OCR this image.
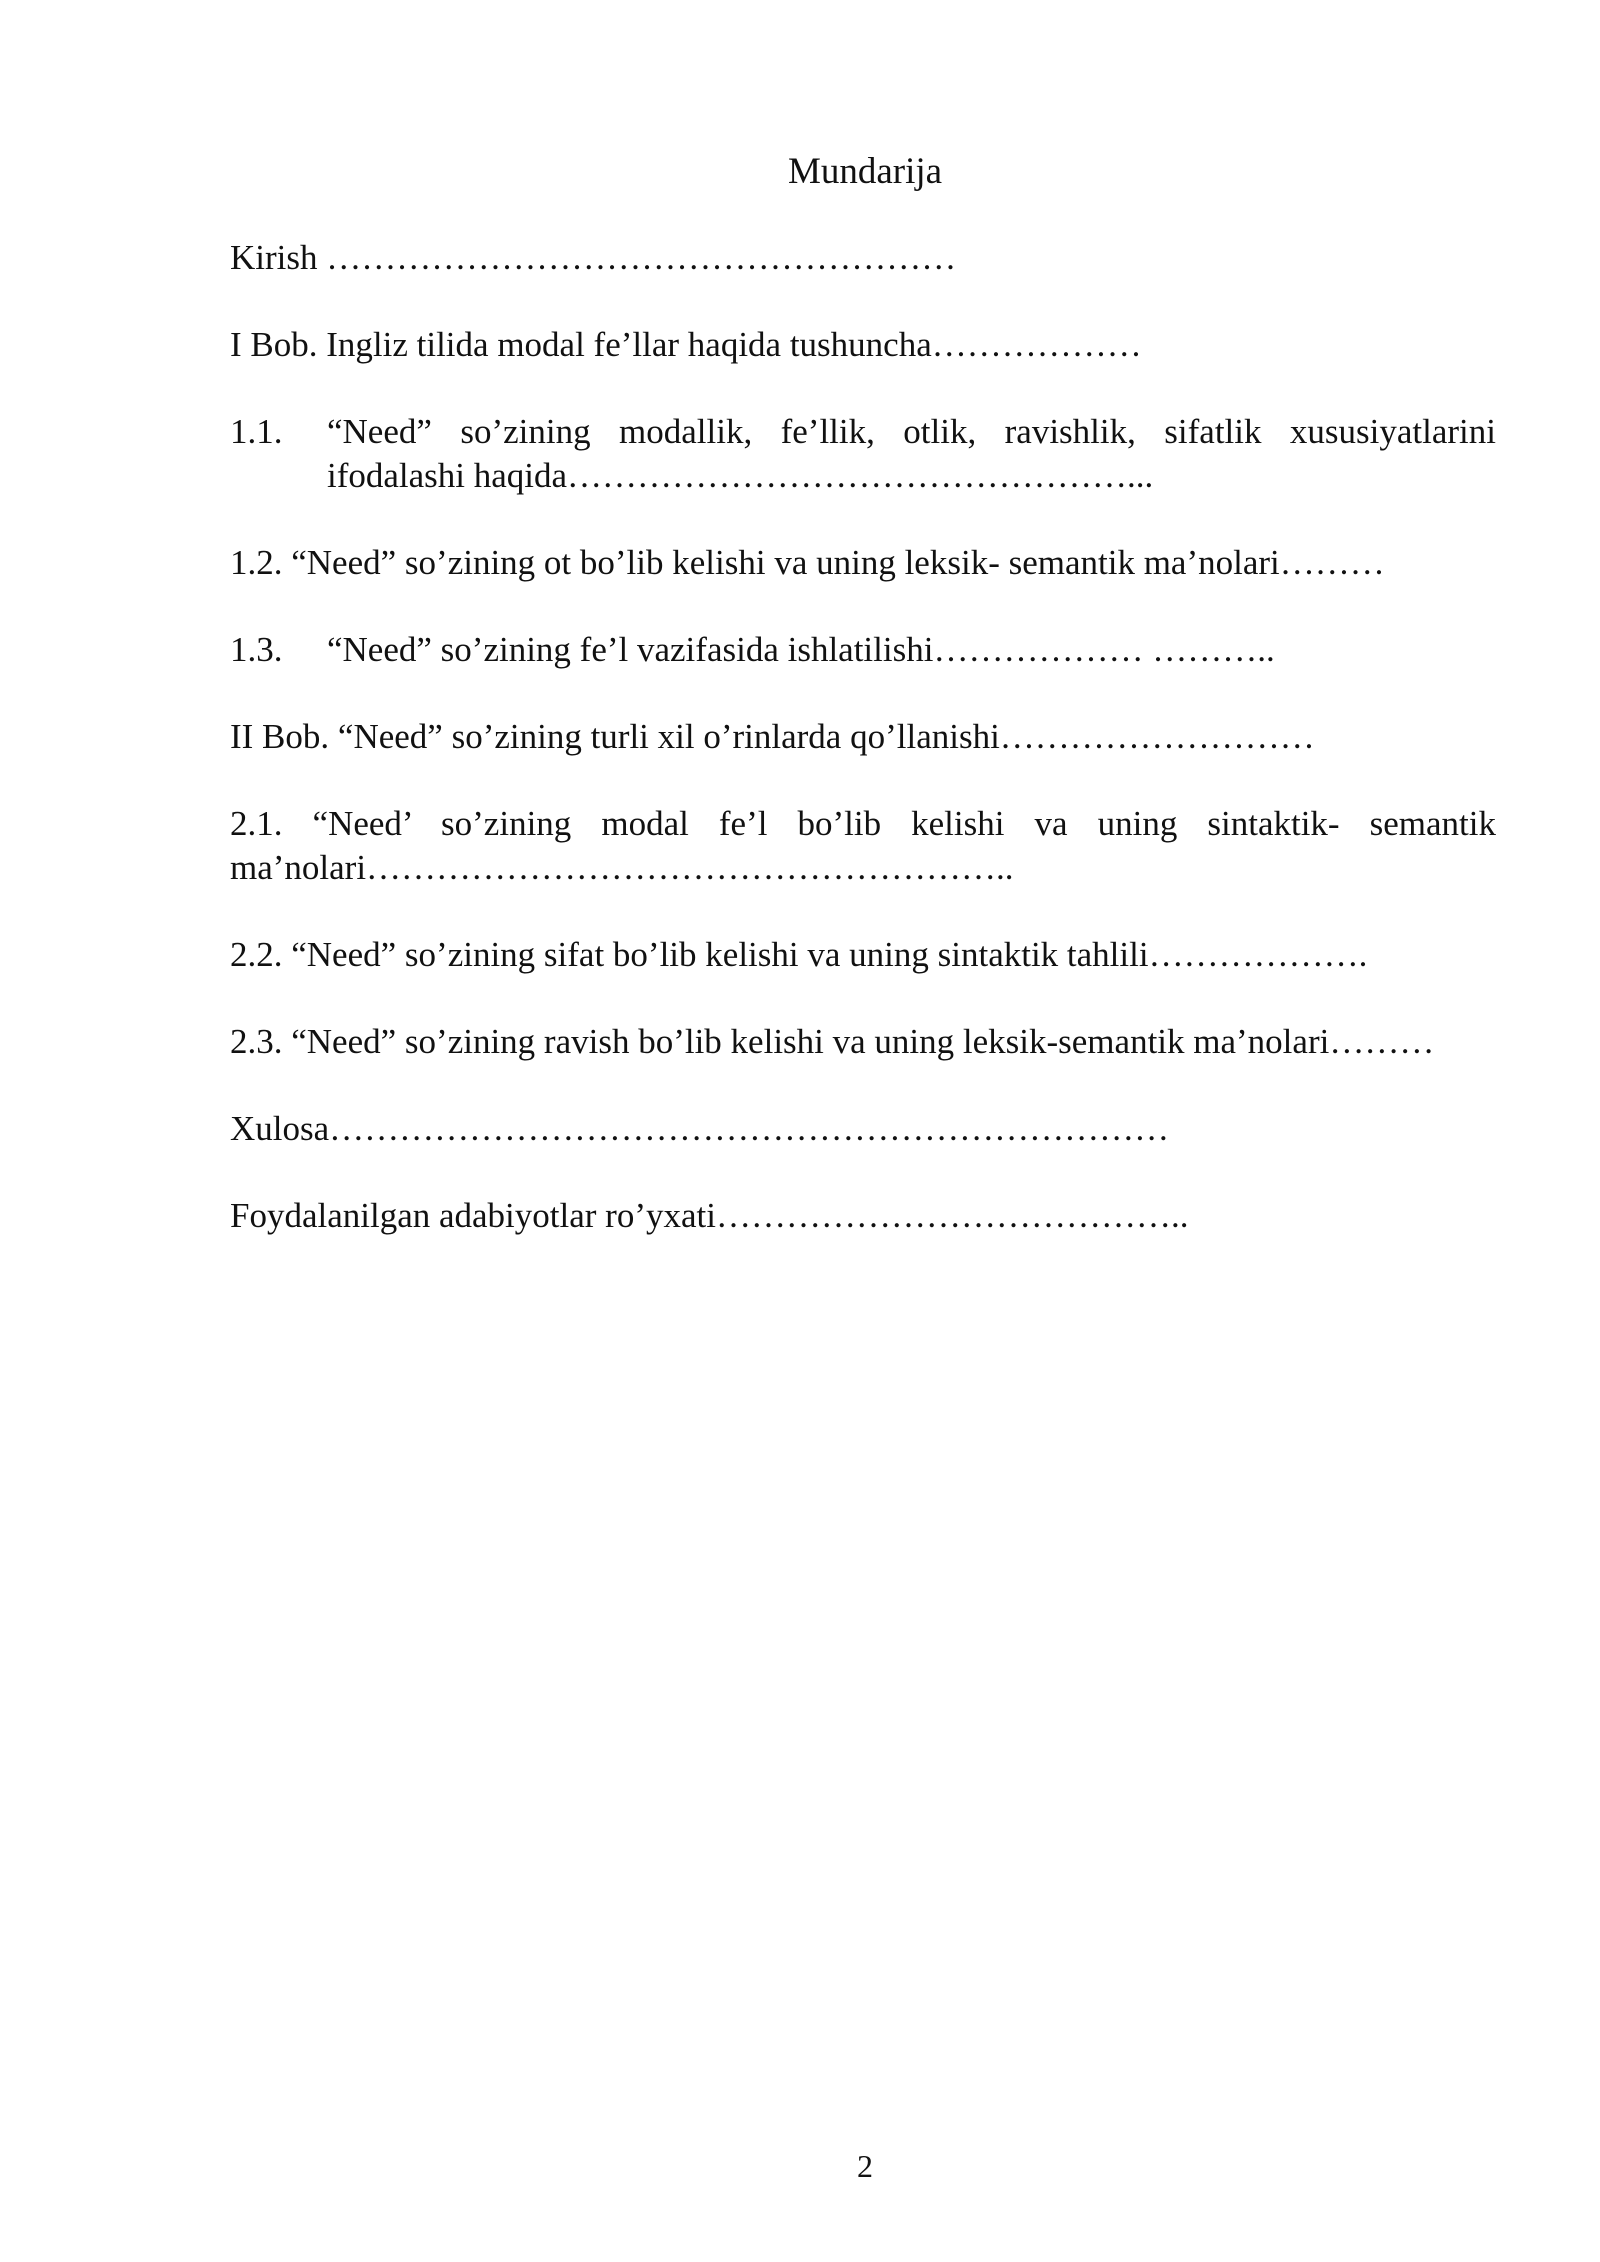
Mundarija

Kirish ………………………………………………

I Bob. Ingliz tilida modal fe’llar haqida tushuncha………………

1.1.	“Need” so’zining modallik, fe’llik, otlik, ravishlik, sifatlik xususiyatlarini ifodalashi haqida…………………………………………...

1.2. “Need” so’zining ot bo’lib kelishi va uning leksik- semantik ma’nolari………

1.3.	“Need” so’zining fe’l vazifasida ishlatilishi……………… ………..

II Bob. “Need” so’zining turli xil o’rinlarda qo’llanishi………………………

2.1. “Need’ so’zining modal fe’l bo’lib kelishi va uning sintaktik- semantik ma’nolari………………………………………………..

2.2. “Need” so’zining sifat bo’lib kelishi va uning sintaktik tahlili……………….

2.3. “Need” so’zining ravish bo’lib kelishi va uning leksik-semantik ma’nolari………

Xulosa………………………………………………………………

Foydalanilgan adabiyotlar ro’yxati…………………………………..

2
